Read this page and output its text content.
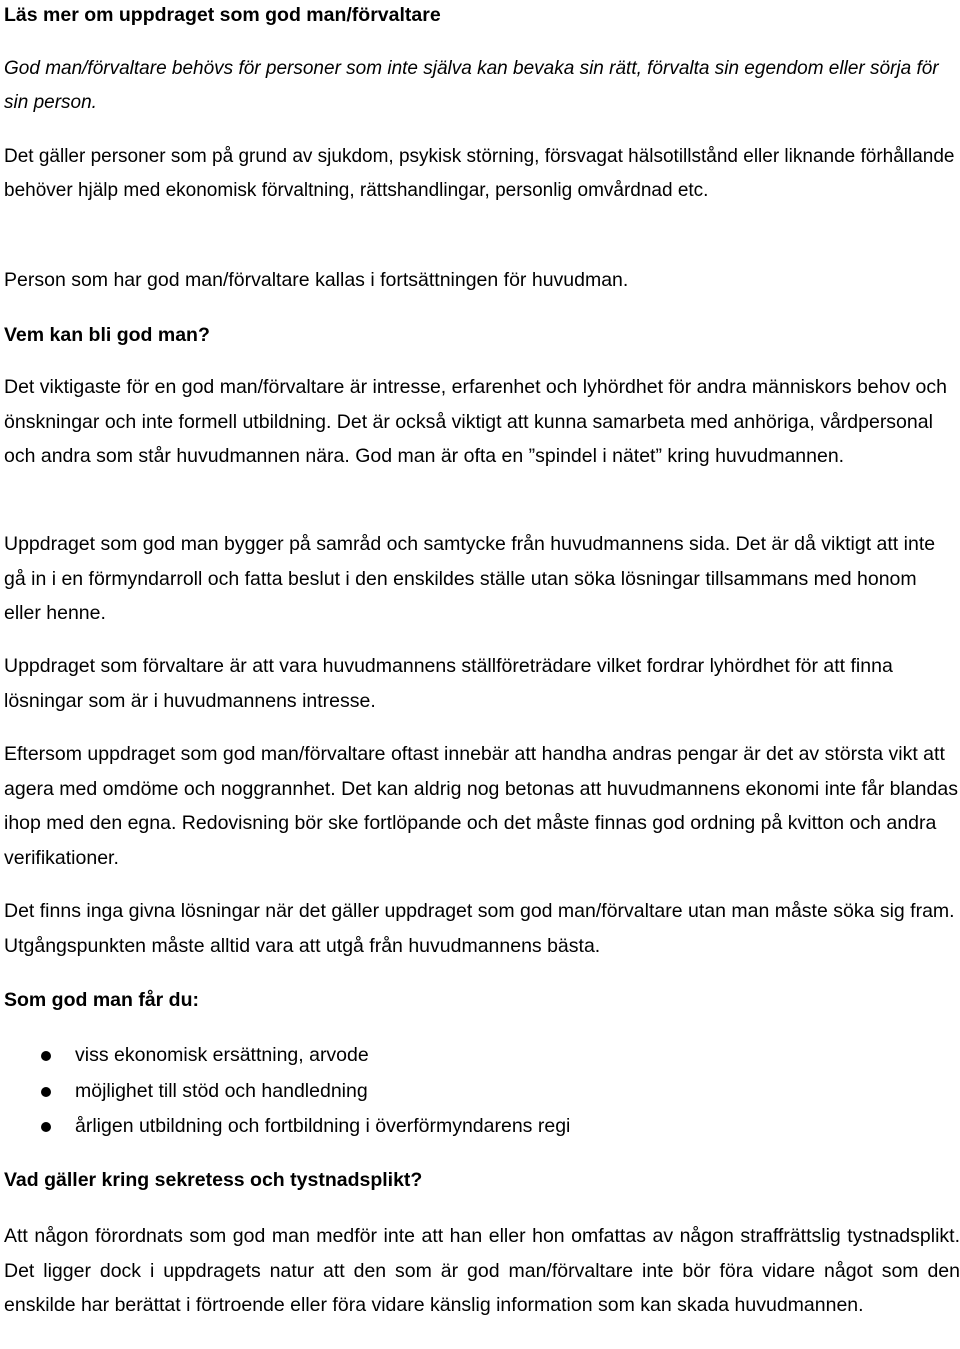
Läs mer om uppdraget som god man/förvaltare

God man/förvaltare behövs för personer som inte själva kan bevaka sin rätt, förvalta sin egendom eller sörja för sin person.

Det gäller personer som på grund av sjukdom, psykisk störning, försvagat hälsotillstånd eller liknande förhållande behöver hjälp med ekonomisk förvaltning, rättshandlingar, personlig omvårdnad etc.

Person som har god man/förvaltare kallas i fortsättningen för huvudman.

Vem kan bli god man?

Det viktigaste för en god man/förvaltare är intresse, erfarenhet och lyhördhet för andra människors behov och önskningar och inte formell utbildning. Det är också viktigt att kunna samarbeta med anhöriga, vårdpersonal och andra som står huvudmannen nära. God man är ofta en ”spindel i nätet” kring huvudmannen.

Uppdraget som god man bygger på samråd och samtycke från huvudmannens sida. Det är då viktigt att inte gå in i en förmyndarroll och fatta beslut i den enskildes ställe utan söka lösningar tillsammans med honom eller henne.

Uppdraget som förvaltare är att vara huvudmannens ställföreträdare vilket fordrar lyhördhet för att finna lösningar som är i huvudmannens intresse.

Eftersom uppdraget som god man/förvaltare oftast innebär att handha andras pengar är det av största vikt att agera med omdöme och noggrannhet. Det kan aldrig nog betonas att huvudmannens ekonomi inte får blandas ihop med den egna. Redovisning bör ske fortlöpande och det måste finnas god ordning på kvitton och andra verifikationer.

Det finns inga givna lösningar när det gäller uppdraget som god man/förvaltare utan man måste söka sig fram. Utgångspunkten måste alltid vara att utgå från huvudmannens bästa.

Som god man får du:
viss ekonomisk ersättning, arvode
möjlighet till stöd och handledning
årligen utbildning och fortbildning i överförmyndarens regi
Vad gäller kring sekretess och tystnadsplikt?

Att någon förordnats som god man medför inte att han eller hon omfattas av någon straffrättslig tystnadsplikt. Det ligger dock i uppdragets natur att den som är god man/förvaltare inte bör föra vidare något som den enskilde har berättat i förtroende eller föra vidare känslig information som kan skada huvudmannen.
